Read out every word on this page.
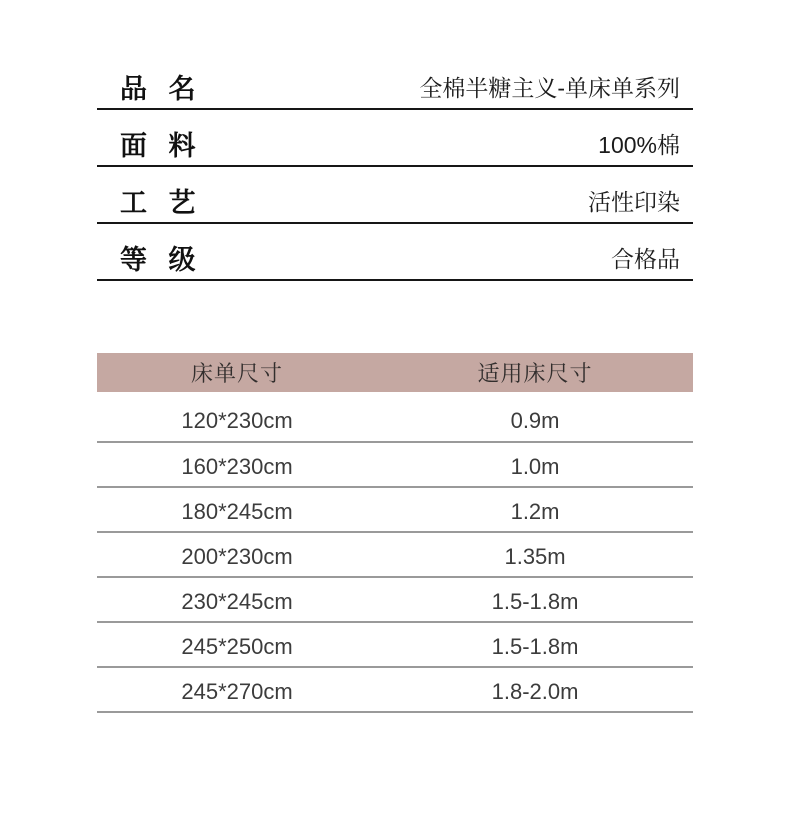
品 名	全棉半糖主义-单床单系列
面 料	100%棉
工 艺	活性印染
等 级	合格品
床单尺寸	适用床尺寸
120*230cm	0.9m
160*230cm	1.0m
180*245cm	1.2m
200*230cm	1.35m
230*245cm	1.5-1.8m
245*250cm	1.5-1.8m
245*270cm	1.8-2.0m
